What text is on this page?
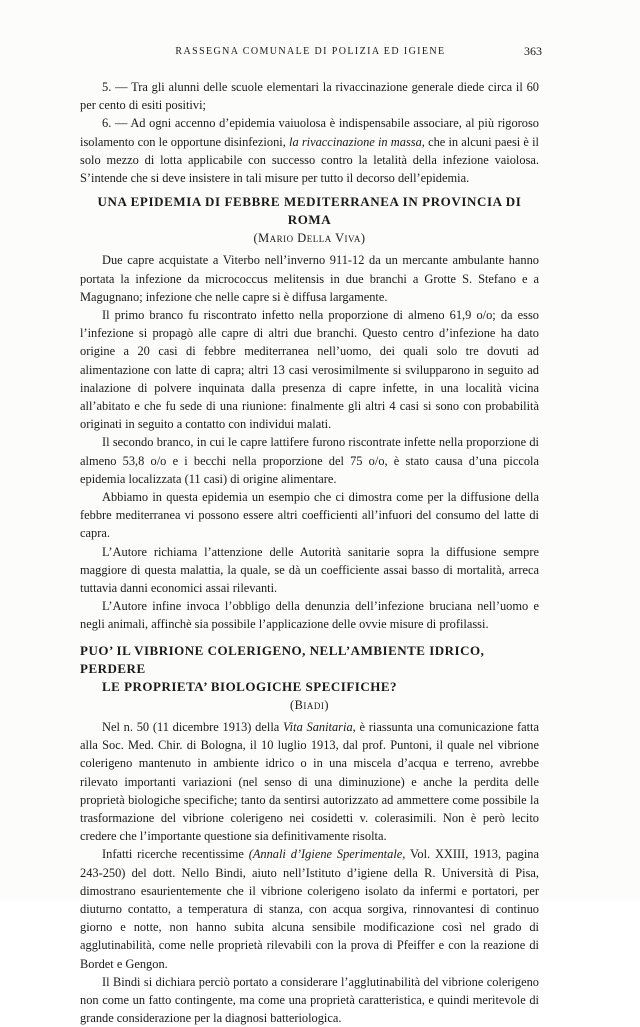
RASSEGNA COMUNALE DI POLIZIA ED IGIENE	363

5. — Tra gli alunni delle scuole elementari la rivaccinazione generale diede circa il 60 per cento di esiti positivi;

6. — Ad ogni accenno d’epidemia vaiuolosa è indispensabile associare, al più rigoroso isolamento con le opportune disinfezioni, la rivaccinazione in massa, che in alcuni paesi è il solo mezzo di lotta applicabile con successo contro la letalità della infezione vaiolosa. S’intende che si deve insistere in tali misure per tutto il decorso dell’epidemia.

UNA EPIDEMIA DI FEBBRE MEDITERRANEA IN PROVINCIA DI ROMA
(Mario Della Viva)

Due capre acquistate a Viterbo nell’inverno 911-12 da un mercante ambulante hanno portata la infezione da micrococcus melitensis in due branchi a Grotte S. Stefano e a Magugnano; infezione che nelle capre si è diffusa largamente.

Il primo branco fu riscontrato infetto nella proporzione di almeno 61,9 o/o; da esso l’infezione si propagò alle capre di altri due branchi. Questo centro d’infezione ha dato origine a 20 casi di febbre mediterranea nell’uomo, dei quali solo tre dovuti ad alimentazione con latte di capra; altri 13 casi verosimilmente si svilupparono in seguito ad inalazione di polvere inquinata dalla presenza di capre infette, in una località vicina all’abitato e che fu sede di una riunione: finalmente gli altri 4 casi si sono con probabilità originati in seguito a contatto con individui malati.

Il secondo branco, in cui le capre lattifere furono riscontrate infette nella proporzione di almeno 53,8 o/o e i becchi nella proporzione del 75 o/o, è stato causa d’una piccola epidemia localizzata (11 casi) di origine alimentare.

Abbiamo in questa epidemia un esempio che ci dimostra come per la diffusione della febbre mediterranea vi possono essere altri coefficienti all’infuori del consumo del latte di capra.

L’Autore richiama l’attenzione delle Autorità sanitarie sopra la diffusione sempre maggiore di questa malattia, la quale, se dà un coefficiente assai basso di mortalità, arreca tuttavia danni economici assai rilevanti.

L’Autore infine invoca l’obbligo della denunzia dell’infezione bruciana nell’uomo e negli animali, affinchè sia possibile l’applicazione delle ovvie misure di profilassi.

PUO’ IL VIBRIONE COLERIGENO, NELL’AMBIENTE IDRICO, PERDERE
LE PROPRIETA’ BIOLOGICHE SPECIFICHE?
(Biadi)

Nel n. 50 (11 dicembre 1913) della Vita Sanitaria, è riassunta una comunicazione fatta alla Soc. Med. Chir. di Bologna, il 10 luglio 1913, dal prof. Puntoni, il quale nel vibrione colerigeno mantenuto in ambiente idrico o in una miscela d’acqua e terreno, avrebbe rilevato importanti variazioni (nel senso di una diminuzione) e anche la perdita delle proprietà biologiche specifiche; tanto da sentirsi autorizzato ad ammettere come possibile la trasformazione del vibrione colerigeno nei cosidetti v. colerasimili. Non è però lecito credere che l’importante questione sia definitivamente risolta.

Infatti ricerche recentissime (Annali d’Igiene Sperimentale, Vol. XXIII, 1913, pagina 243-250) del dott. Nello Bindi, aiuto nell’Istituto d’igiene della R. Università di Pisa, dimostrano esaurientemente che il vibrione colerigeno isolato da infermi e portatori, per diuturno contatto, a temperatura di stanza, con acqua sorgiva, rinnovantesi di continuo giorno e notte, non hanno subita alcuna sensibile modificazione così nel grado di agglutinabilità, come nelle proprietà rilevabili con la prova di Pfeiffer e con la reazione di Bordet e Gengon.

Il Bindi si dichiara perciò portato a considerare l’agglutinabilità del vibrione colerigeno non come un fatto contingente, ma come una proprietà caratteristica, e quindi meritevole di grande considerazione per la diagnosi batteriologica.
